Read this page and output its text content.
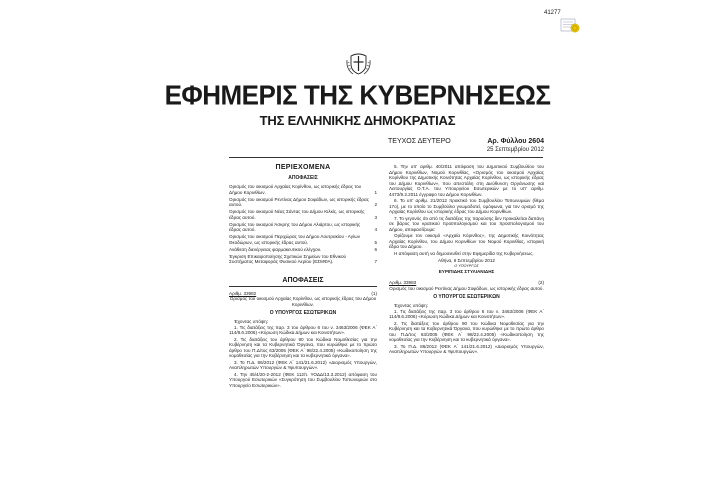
41277
ΕΦΗΜΕΡΙΣ ΤΗΣ ΚΥΒΕΡΝΗΣΕΩΣ
ΤΗΣ ΕΛΛΗΝΙΚΗΣ ΔΗΜΟΚΡΑΤΙΑΣ
ΤΕΥΧΟΣ ΔΕΥΤΕΡΟ	Αρ. Φύλλου 2604
25 Σεπτεμβρίου 2012
ΠΕΡΙΕΧΟΜΕΝΑ
ΑΠΟΦΑΣΕΙΣ
Ορισμός του οικισμού Αρχαίας Κορίνθου, ως ιστορικής έδρας του Δήμου Κορινθίων.	1
Ορισμός του οικισμού Ρεντίνας Δήμου Σοφάδων, ως ιστορικής έδρας αυτού.	2
Ορισμός του οικισμού Νέας Σάντας του Δήμου Κιλκίς, ως ιστορικής έδρας αυτού.	3
Ορισμός του οικισμού Άσκρης του Δήμου Αλιάρτου, ως ιστορικής έδρας αυτού.	4
Ορισμός του οικισμού Περιχώρας του Δήμου Λουτρακίου - Αγίων Θεοδώρων, ως ιστορικής έδρας αυτού.	5
Ανάθεση διενέργειας φαρμακευτικού ελέγχου.	6
Έγκριση Επικαιροποίησης Σχετικών Σημείων του Εθνικού Συστήματος Μεταφοράς Φυσικού Αερίου (ΕΣΜΦΑ).	7
ΑΠΟΦΑΣΕΙΣ
Αριθμ. 33982	(1)
Ορισμός του οικισμού Αρχαίας Κορίνθου, ως ιστορικής έδρας του Δήμου Κορινθίων.
Ο ΥΠΟΥΡΓΟΣ ΕΣΩΤΕΡΙΚΩΝ
Έχοντας υπόψη:

1. Τις διατάξεις της παρ. 3 του άρθρου 6 του ν. 3463/2006 (ΦΕΚ Α΄ 114/8.6.2006) «Κύρωση Κώδικα Δήμων και Κοινοτήτων».

2. Τις διατάξεις του άρθρου 90 του Κώδικα Νομοθεσίας για την Κυβέρνηση και τα Κυβερνητικά Όργανα, που κυρώθηκε με το πρώτο άρθρο του Π.Δ/τος 63/2005 (ΦΕΚ Α΄ 98/22.4.2005) «Κωδικοποίηση της νομοθεσίας για την Κυβέρνηση και τα κυβερνητικά όργανα».

3. Το Π.Δ. 86/2012 (ΦΕΚ Α΄ 141/21.6.2012) «Διορισμός Υπουργών, Αναπληρωτών Υπουργών & Υφυπουργών».

4. Την 45/4/20-2-2012 (ΦΕΚ 112/τ. ΥΟΔΔ/13.3.2012) απόφαση του Υπουργού Εσωτερικών «Συγκρότηση του Συμβουλίου Τοπωνυμιών στο Υπουργείο Εσωτερικών».

5. Την υπ' αριθμ. 40/2011 απόφαση του Δημοτικού Συμβουλίου του Δήμου Κορινθίων, Νομού Κορινθίας, «Ορισμός του οικισμού Αρχαίας Κορίνθου της Δημοτικής Κοινότητας Αρχαίας Κορίνθου, ως ιστορικής έδρας του Δήμου Κορινθίων», που απεστάλη στη Διεύθυνση Οργάνωσης και Λειτουργίας Ο.Τ.Α. του Υπουργείου Εσωτερικών με το υπ' αριθμ. 4473/9.2.2011 έγγραφο του Δήμου Κορινθίων.

6. Το υπ' αριθμ. 21/2012 πρακτικό του Συμβουλίου Τοπωνυμιών (θέμα 17ο), με το οποίο το Συμβούλιο γνωμοδοτεί, ομόφωνα, για τον ορισμό της Αρχαίας Κορίνθου ως ιστορικής έδρας του Δήμου Κορινθίων.

7. Το γεγονός ότι από τις διατάξεις της παρούσης δεν προκαλείται δαπάνη σε βάρος του κρατικού προϋπολογισμού και του προϋπολογισμού του Δήμου, αποφασίζουμε:

Ορίζουμε τον οικισμό «Αρχαία Κόρινθος», της Δημοτικής Κοινότητας Αρχαίας Κορίνθου, του Δήμου Κορινθίων του Νομού Κορινθίας, ιστορική έδρα του Δήμου.

Η απόφαση αυτή να δημοσιευθεί στην Εφημερίδα της Κυβερνήσεως.

Αθήνα, 6 Σεπτεμβρίου 2012
Ο ΥΠΟΥΡΓΟΣ
ΕΥΡΙΠΙΔΗΣ ΣΤΥΛΙΑΝΙΔΗΣ
Αριθμ. 33983	(2)
Ορισμός του οικισμού Ρεντίνας Δήμου Σοφάδων, ως ιστορικής έδρας αυτού.
Ο ΥΠΟΥΡΓΟΣ ΕΣΩΤΕΡΙΚΩΝ
Έχοντας υπόψη:

1. Τις διατάξεις της παρ. 3 του άρθρου 6 του ν. 3463/2006 (ΦΕΚ Α΄ 114/8.6.2006) «Κύρωση Κώδικα Δήμων και Κοινοτήτων».

2. Τις διατάξεις του άρθρου 90 του Κώδικα Νομοθεσίας για την Κυβέρνηση και τα Κυβερνητικά Όργανα, που κυρώθηκε με το πρώτο άρθρο του Π.Δ/τος 63/2005 (ΦΕΚ Α΄ 98/22.4.2005) «Κωδικοποίηση της νομοθεσίας για την Κυβέρνηση και τα κυβερνητικά όργανα».

3. Το Π.Δ. 86/2012 (ΦΕΚ Α΄ 141/21.6.2012) «Διορισμός Υπουργών, Αναπληρωτών Υπουργών & Υφυπουργών».
